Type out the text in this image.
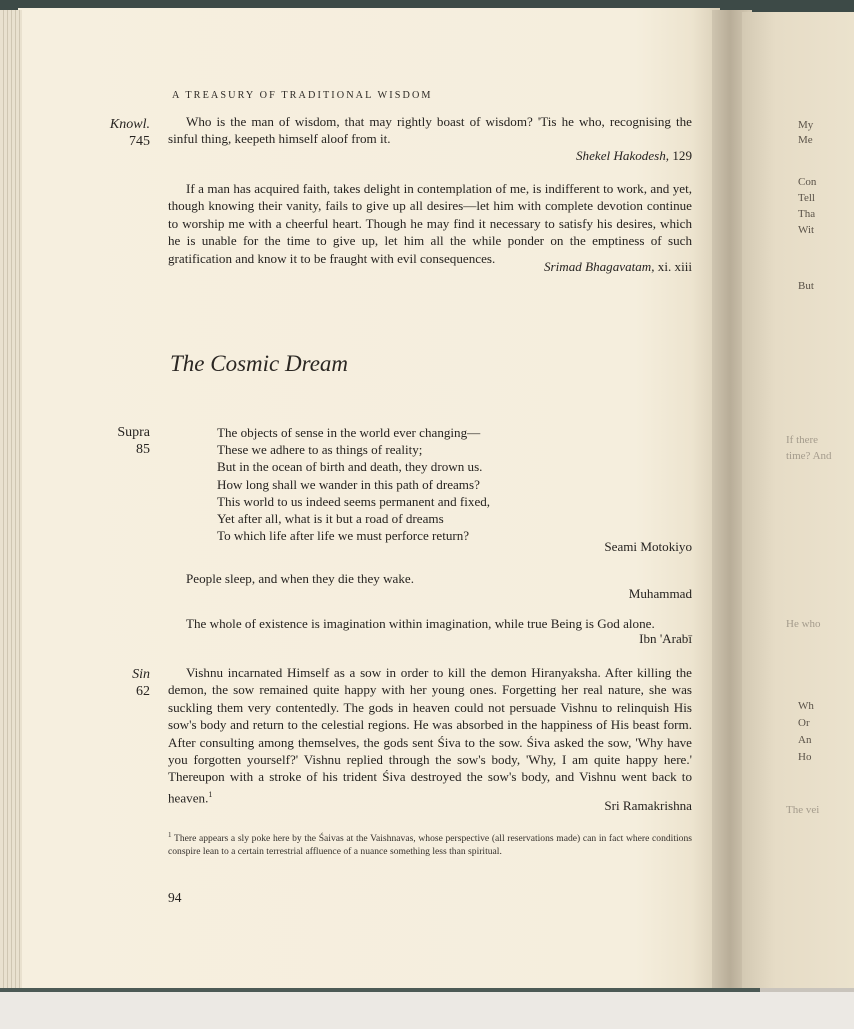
My
Me
Con
Tell
Tha
Wit
But
If there
time? And
He who
Wh
Or
An
Ho
The vei
A TREASURY OF TRADITIONAL WISDOM
Knowl.
745
Who is the man of wisdom, that may rightly boast of wisdom? 'Tis he who, recognising the sinful thing, keepeth himself aloof from it.
Shekel Hakodesh, 129
If a man has acquired faith, takes delight in contemplation of me, is indifferent to work, and yet, though knowing their vanity, fails to give up all desires—let him with complete devotion continue to worship me with a cheerful heart. Though he may find it necessary to satisfy his desires, which he is unable for the time to give up, let him all the while ponder on the emptiness of such gratification and know it to be fraught with evil consequences.
Srimad Bhagavatam, xi. xiii
The Cosmic Dream
Supra
85
The objects of sense in the world ever changing—
These we adhere to as things of reality;
But in the ocean of birth and death, they drown us.
How long shall we wander in this path of dreams?
This world to us indeed seems permanent and fixed,
Yet after all, what is it but a road of dreams
To which life after life we must perforce return?
Seami Motokiyo
People sleep, and when they die they wake.
Muhammad
The whole of existence is imagination within imagination, while true Being is God alone.
Ibn 'Arabī
Sin
62
Vishnu incarnated Himself as a sow in order to kill the demon Hiranyaksha. After killing the demon, the sow remained quite happy with her young ones. Forgetting her real nature, she was suckling them very contentedly. The gods in heaven could not persuade Vishnu to relinquish His sow's body and return to the celestial regions. He was absorbed in the happiness of His beast form. After consulting among themselves, the gods sent Śiva to the sow. Śiva asked the sow, 'Why have you forgotten yourself?' Vishnu replied through the sow's body, 'Why, I am quite happy here.' Thereupon with a stroke of his trident Śiva destroyed the sow's body, and Vishnu went back to heaven.$^1$
Sri Ramakrishna
$^1$ There appears a sly poke here by the Śaivas at the Vaishnavas, whose perspective (all reservations made) can in fact where conditions conspire lean to a certain terrestrial affluence of a nuance something less than spiritual.
94
